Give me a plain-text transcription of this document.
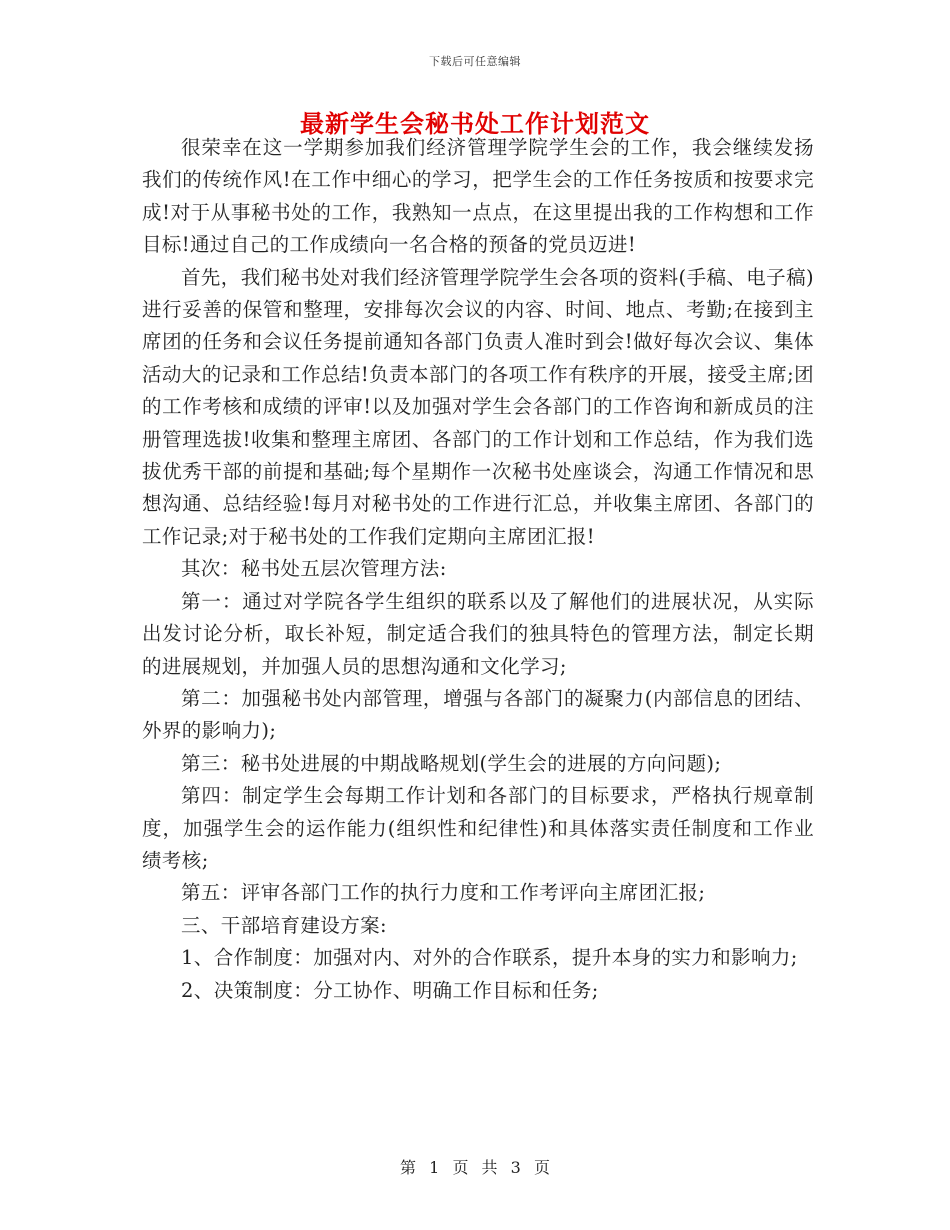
下载后可任意编辑
最新学生会秘书处工作计划范文

很荣幸在这一学期参加我们经济管理学院学生会的工作，我会继续发扬我们的传统作风!在工作中细心的学习，把学生会的工作任务按质和按要求完成!对于从事秘书处的工作，我熟知一点点，在这里提出我的工作构想和工作目标!通过自己的工作成绩向一名合格的预备的党员迈进!

首先，我们秘书处对我们经济管理学院学生会各项的资料(手稿、电子稿)进行妥善的保管和整理，安排每次会议的内容、时间、地点、考勤;在接到主席团的任务和会议任务提前通知各部门负责人准时到会!做好每次会议、集体活动大的记录和工作总结!负责本部门的各项工作有秩序的开展，接受主席;团的工作考核和成绩的评审!以及加强对学生会各部门的工作咨询和新成员的注册管理选拔!收集和整理主席团、各部门的工作计划和工作总结，作为我们选拔优秀干部的前提和基础;每个星期作一次秘书处座谈会，沟通工作情况和思想沟通、总结经验!每月对秘书处的工作进行汇总，并收集主席团、各部门的工作记录;对于秘书处的工作我们定期向主席团汇报!

其次：秘书处五层次管理方法:

第一：通过对学院各学生组织的联系以及了解他们的进展状况，从实际出发讨论分析，取长补短，制定适合我们的独具特色的管理方法，制定长期的进展规划，并加强人员的思想沟通和文化学习;

第二：加强秘书处内部管理，增强与各部门的凝聚力(内部信息的团结、外界的影响力);

第三：秘书处进展的中期战略规划(学生会的进展的方向问题);

第四：制定学生会每期工作计划和各部门的目标要求，严格执行规章制度，加强学生会的运作能力(组织性和纪律性)和具体落实责任制度和工作业绩考核;

第五：评审各部门工作的执行力度和工作考评向主席团汇报;

三、干部培育建设方案:

1、合作制度：加强对内、对外的合作联系，提升本身的实力和影响力;

2、决策制度：分工协作、明确工作目标和任务;

第 1 页 共 3 页
